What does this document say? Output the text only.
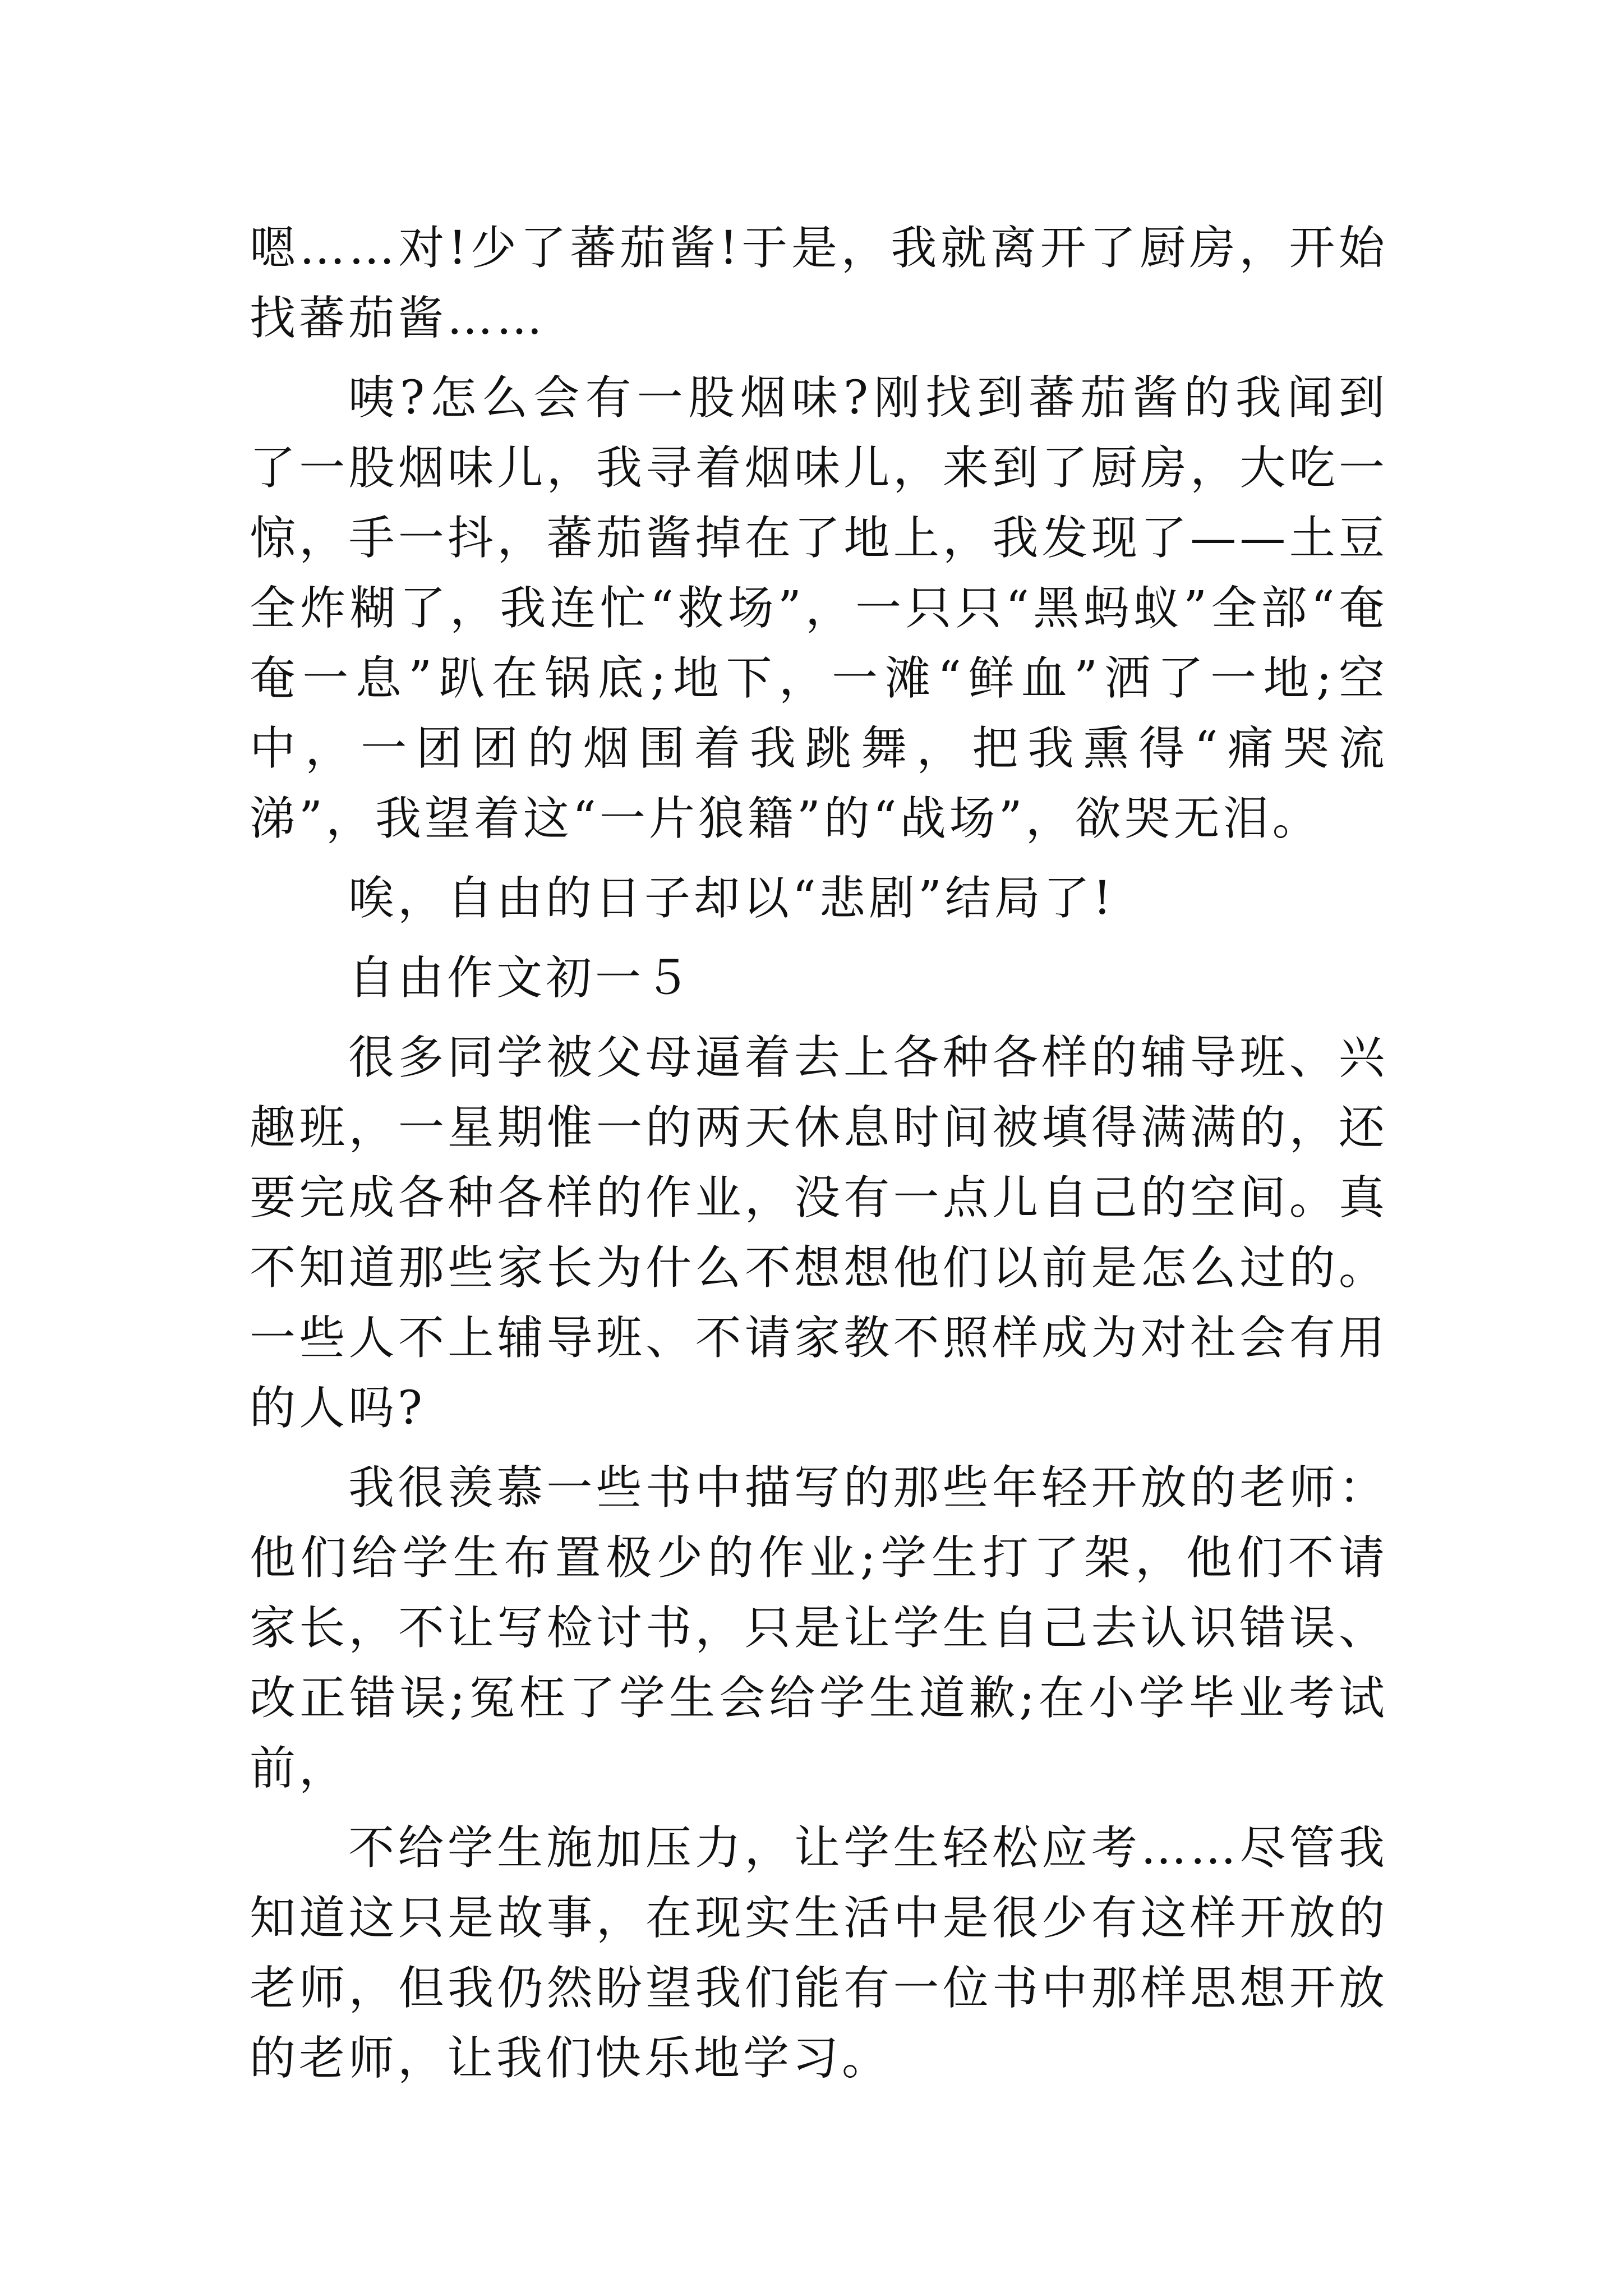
嗯……对!少了蕃茄酱!于是，我就离开了厨房，开始找蕃茄酱……

咦?怎么会有一股烟味?刚找到蕃茄酱的我闻到了一股烟味儿，我寻着烟味儿，来到了厨房，大吃一惊，手一抖，蕃茄酱掉在了地上，我发现了——土豆全炸糊了，我连忙“救场”，一只只“黑蚂蚁”全部“奄奄一息”趴在锅底;地下，一滩“鲜血”洒了一地;空中，一团团的烟围着我跳舞，把我熏得“痛哭流涕”，我望着这“一片狼籍”的“战场”，欲哭无泪。

唉，自由的日子却以“悲剧”结局了!

自由作文初一５

很多同学被父母逼着去上各种各样的辅导班、兴趣班，一星期惟一的两天休息时间被填得满满的，还要完成各种各样的作业，没有一点儿自己的空间。真不知道那些家长为什么不想想他们以前是怎么过的。一些人不上辅导班、不请家教不照样成为对社会有用的人吗?

我很羡慕一些书中描写的那些年轻开放的老师：他们给学生布置极少的作业;学生打了架，他们不请家长，不让写检讨书，只是让学生自己去认识错误、改正错误;冤枉了学生会给学生道歉;在小学毕业考试前，

不给学生施加压力，让学生轻松应考……尽管我知道这只是故事，在现实生活中是很少有这样开放的老师，但我仍然盼望我们能有一位书中那样思想开放的老师，让我们快乐地学习。
